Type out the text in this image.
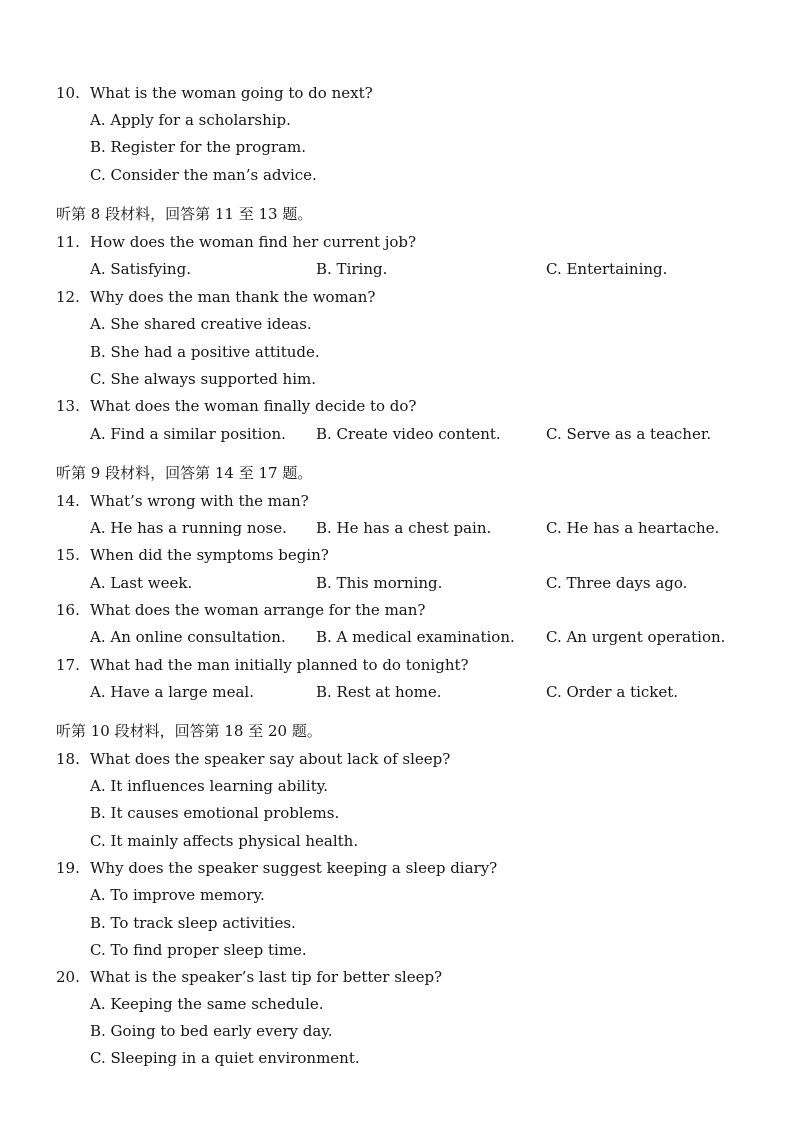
10. What is the woman going to do next?
A. Apply for a scholarship.
B. Register for the program.
C. Consider the man’s advice.
听第 8 段材料，回答第 11 至 13 题。
11. How does the woman find her current job?
A. Satisfying.	B. Tiring.	C. Entertaining.
12. Why does the man thank the woman?
A. She shared creative ideas.
B. She had a positive attitude.
C. She always supported him.
13. What does the woman finally decide to do?
A. Find a similar position. B. Create video content.	C. Serve as a teacher.
听第 9 段材料，回答第 14 至 17 题。
14. What’s wrong with the man?
A. He has a running nose. B. He has a chest pain.	C. He has a heartache.
15. When did the symptoms begin?
A. Last week.	B. This morning.	C. Three days ago.
16. What does the woman arrange for the man?
A. An online consultation. B. A medical examination. C. An urgent operation.
17. What had the man initially planned to do tonight?
A. Have a large meal.	B. Rest at home.	C. Order a ticket.
听第 10 段材料，回答第 18 至 20 题。
18. What does the speaker say about lack of sleep?
A. It influences learning ability.
B. It causes emotional problems.
C. It mainly affects physical health.
19. Why does the speaker suggest keeping a sleep diary?
A. To improve memory.
B. To track sleep activities.
C. To find proper sleep time.
20. What is the speaker’s last tip for better sleep?
A. Keeping the same schedule.
B. Going to bed early every day.
C. Sleeping in a quiet environment.
